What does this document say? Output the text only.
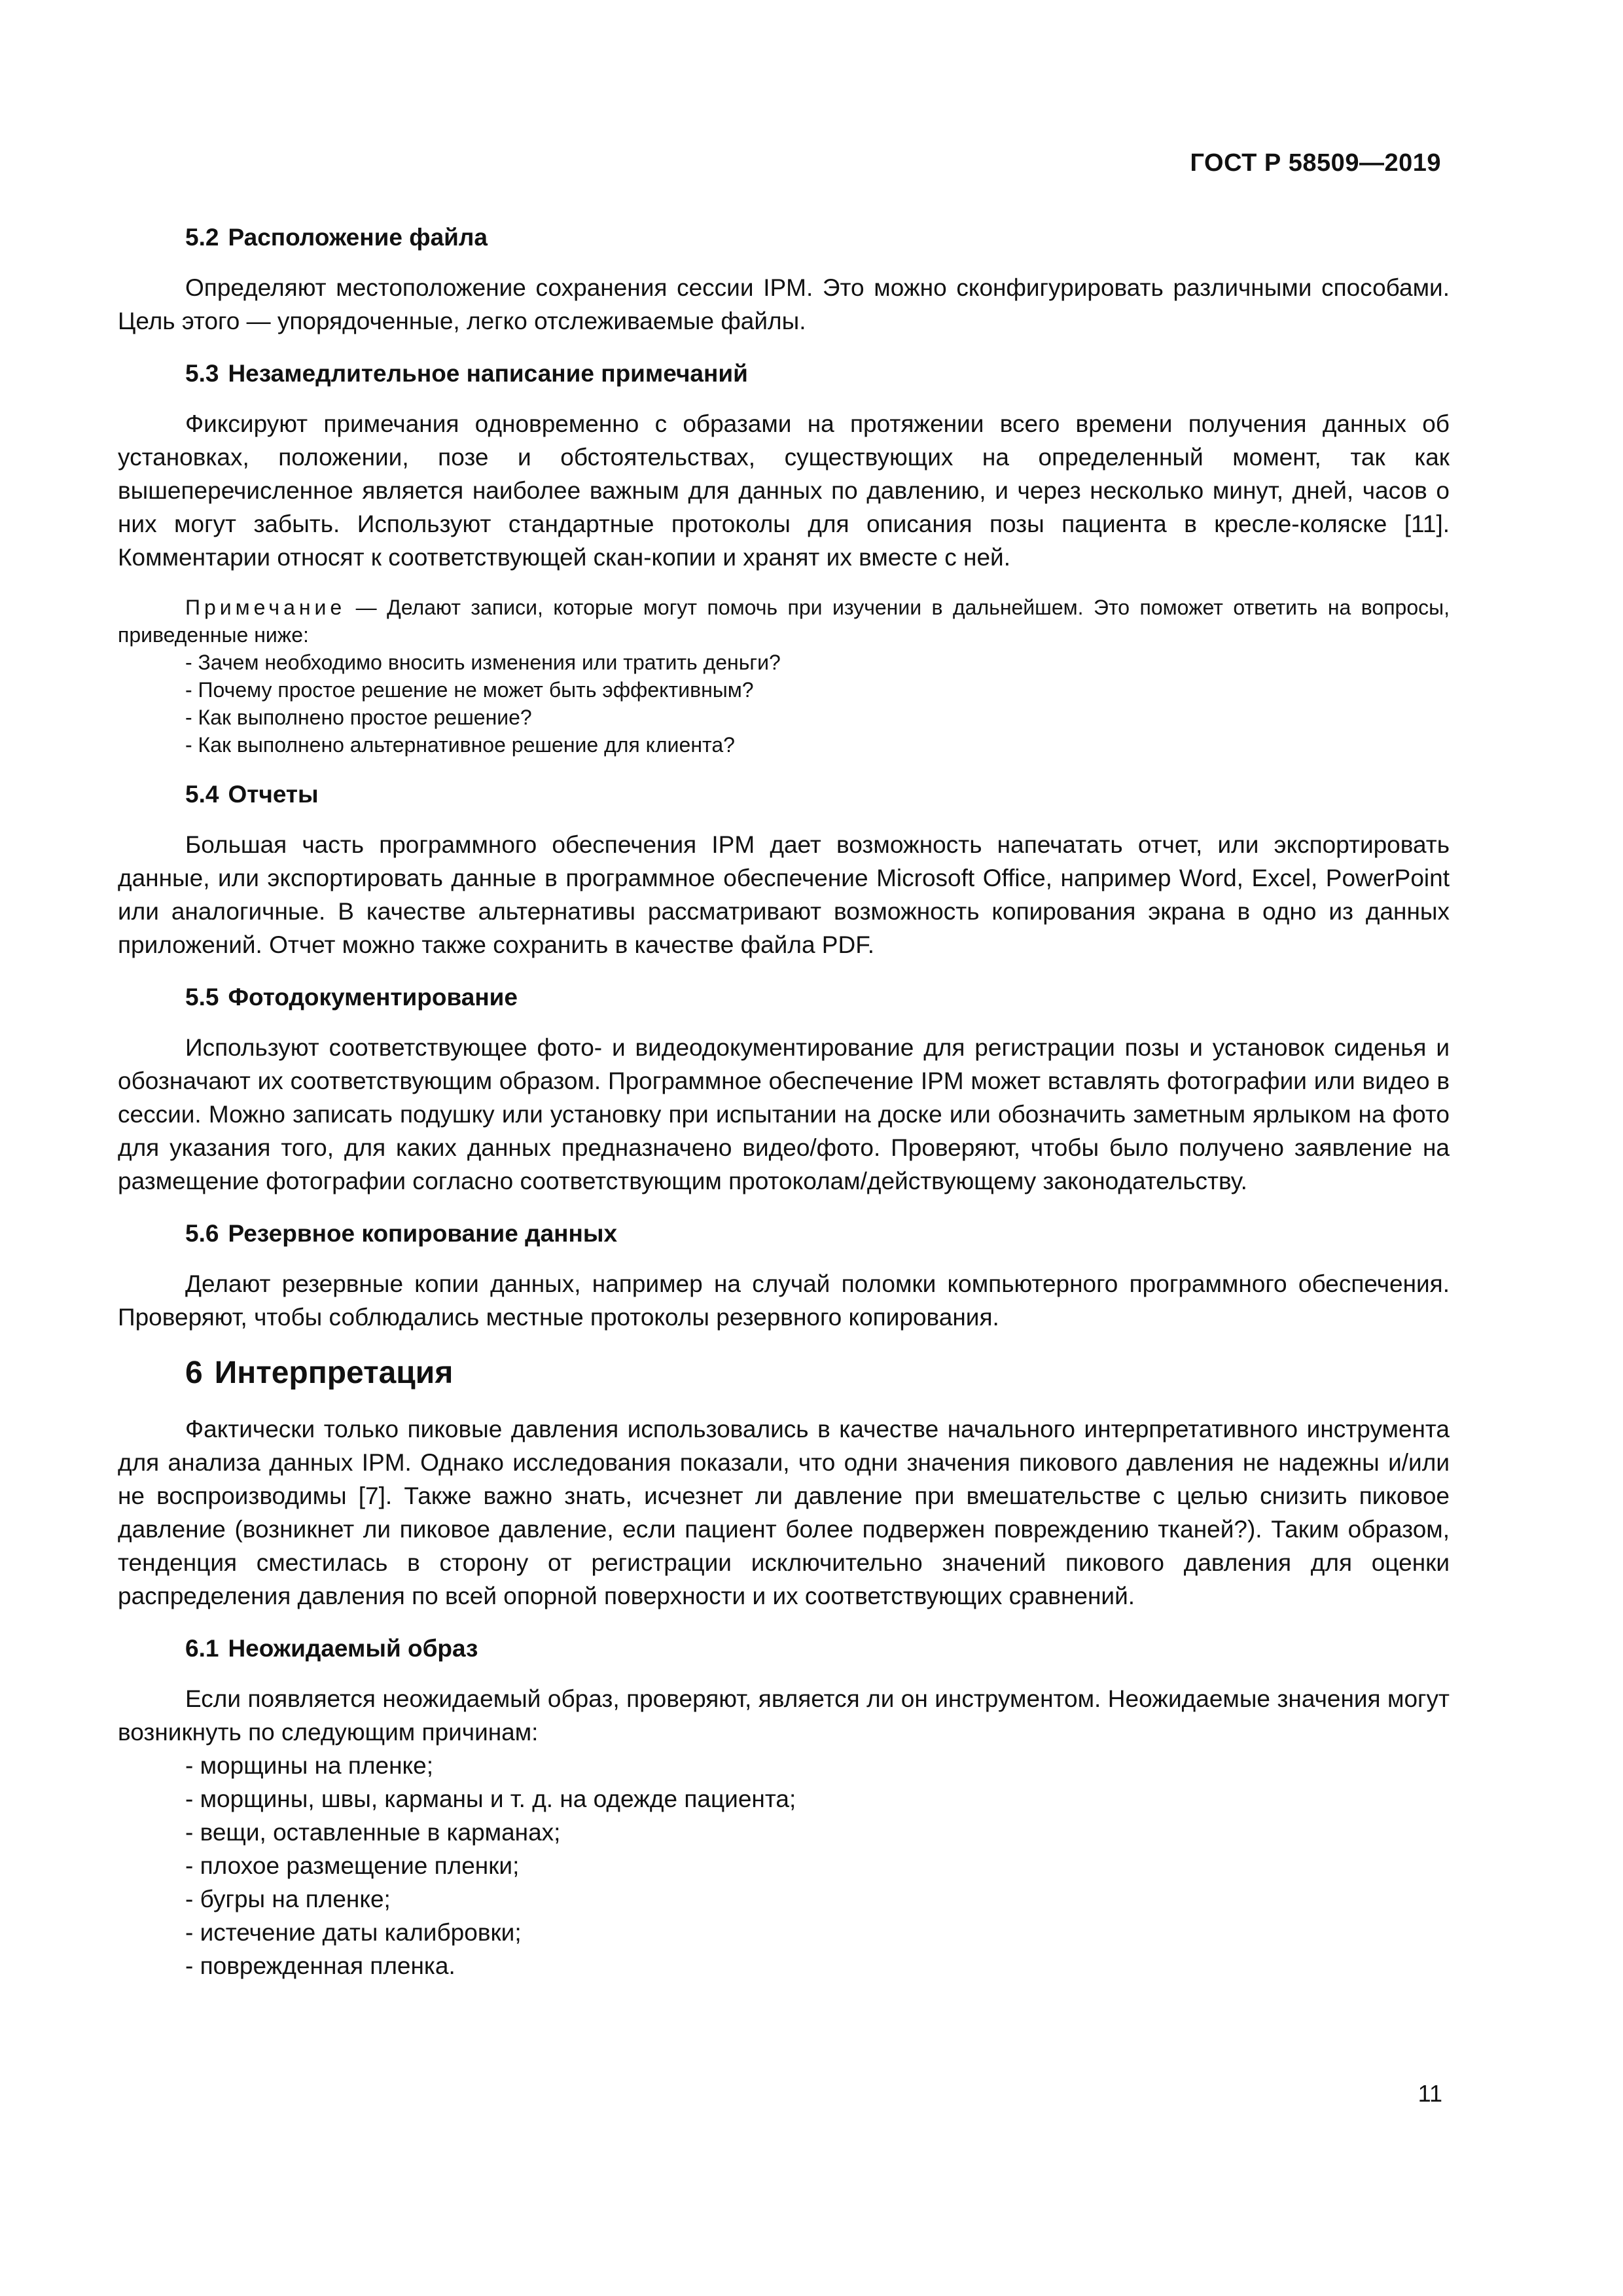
ГОСТ Р 58509—2019
5.2 Расположение файла

Определяют местоположение сохранения сессии IPM. Это можно сконфигурировать различными способами. Цель этого — упорядоченные, легко отслеживаемые файлы.

5.3 Незамедлительное написание примечаний

Фиксируют примечания одновременно с образами на протяжении всего времени получения данных об установках, положении, позе и обстоятельствах, существующих на определенный момент, так как вышеперечисленное является наиболее важным для данных по давлению, и через несколько минут, дней, часов о них могут забыть. Используют стандартные протоколы для описания позы пациента в кресле-коляске [11]. Комментарии относят к соответствующей скан-копии и хранят их вместе с ней.

Примечание — Делают записи, которые могут помочь при изучении в дальнейшем. Это поможет ответить на вопросы, приведенные ниже:

- Зачем необходимо вносить изменения или тратить деньги?
- Почему простое решение не может быть эффективным?
- Как выполнено простое решение?
- Как выполнено альтернативное решение для клиента?
5.4 Отчеты

Большая часть программного обеспечения IPM дает возможность напечатать отчет, или экспортировать данные, или экспортировать данные в программное обеспечение Microsoft Office, например Word, Excel, PowerPoint или аналогичные. В качестве альтернативы рассматривают возможность копирования экрана в одно из данных приложений. Отчет можно также сохранить в качестве файла PDF.

5.5 Фотодокументирование

Используют соответствующее фото- и видеодокументирование для регистрации позы и установок сиденья и обозначают их соответствующим образом. Программное обеспечение IPM может вставлять фотографии или видео в сессии. Можно записать подушку или установку при испытании на доске или обозначить заметным ярлыком на фото для указания того, для каких данных предназначено видео/фото. Проверяют, чтобы было получено заявление на размещение фотографии согласно соответствующим протоколам/действующему законодательству.

5.6 Резервное копирование данных

Делают резервные копии данных, например на случай поломки компьютерного программного обеспечения. Проверяют, чтобы соблюдались местные протоколы резервного копирования.

6 Интерпретация

Фактически только пиковые давления использовались в качестве начального интерпретативного инструмента для анализа данных IPM. Однако исследования показали, что одни значения пикового давления не надежны и/или не воспроизводимы [7]. Также важно знать, исчезнет ли давление при вмешательстве с целью снизить пиковое давление (возникнет ли пиковое давление, если пациент более подвержен повреждению тканей?). Таким образом, тенденция сместилась в сторону от регистрации исключительно значений пикового давления для оценки распределения давления по всей опорной поверхности и их соответствующих сравнений.

6.1 Неожидаемый образ

Если появляется неожидаемый образ, проверяют, является ли он инструментом. Неожидаемые значения могут возникнуть по следующим причинам:

- морщины на пленке;
- морщины, швы, карманы и т. д. на одежде пациента;
- вещи, оставленные в карманах;
- плохое размещение пленки;
- бугры на пленке;
- истечение даты калибровки;
- поврежденная пленка.
11
